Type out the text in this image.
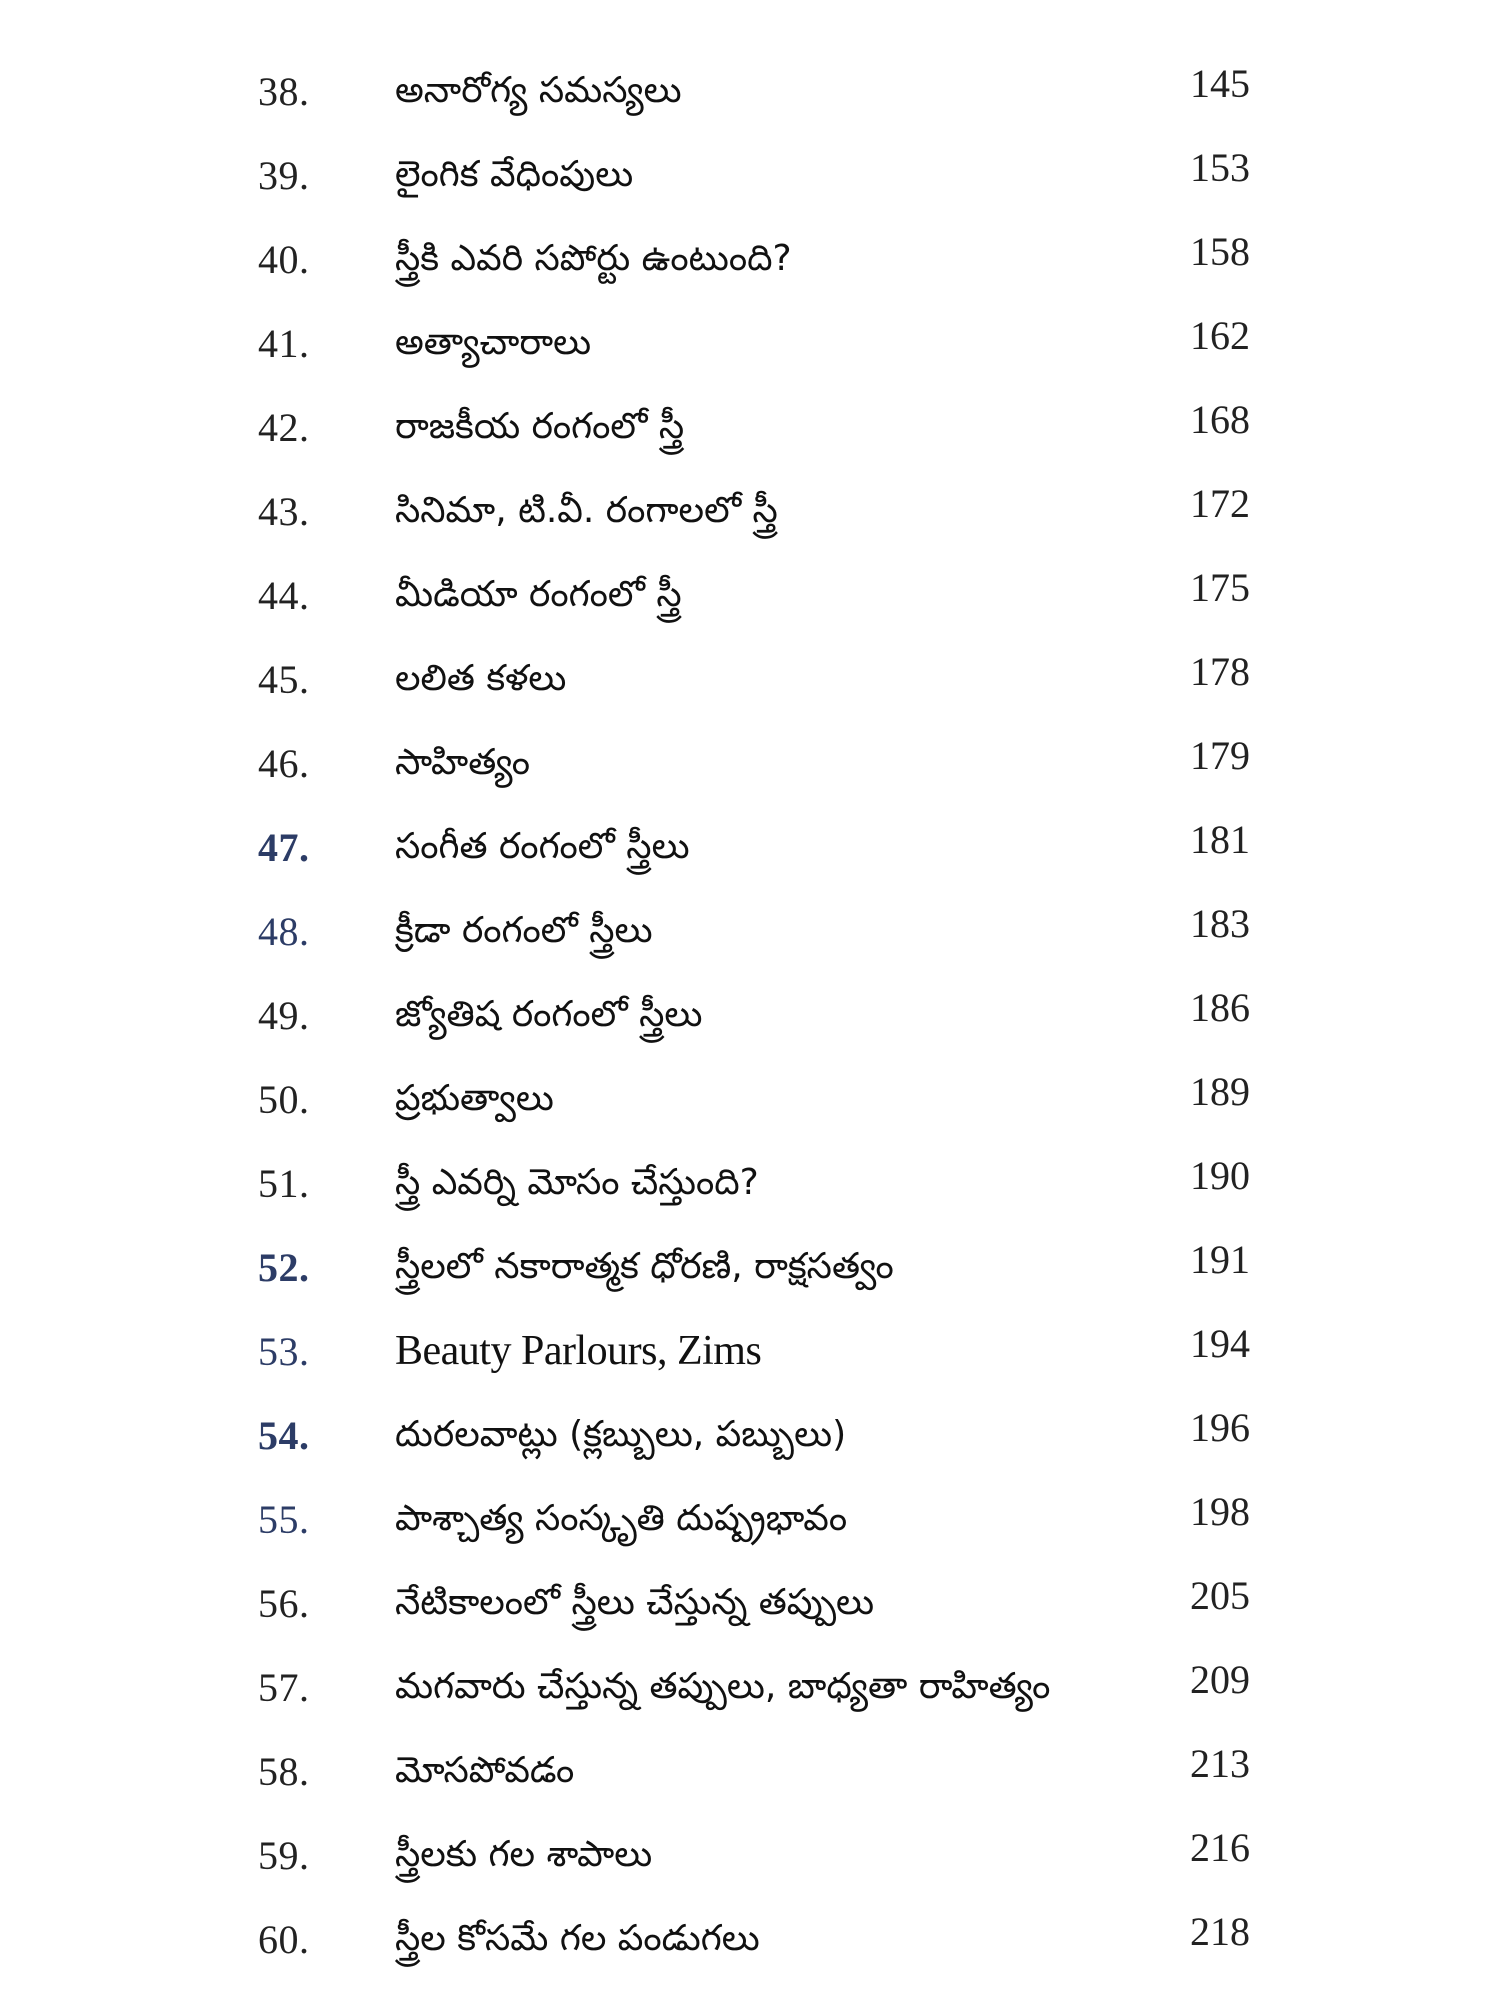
38. అనారోగ్య సమస్యలు	145
39. లైంగిక వేధింపులు	153
40. స్త్రీకి ఎవరి సపోర్టు ఉంటుంది?	158
41. అత్యాచారాలు	162
42. రాజకీయ రంగంలో స్త్రీ	168
43. సినిమా, టి.వీ. రంగాలలో స్త్రీ	172
44. మీడియా రంగంలో స్త్రీ	175
45. లలిత కళలు	178
46. సాహిత్యం	179
47. సంగీత రంగంలో స్త్రీలు	181
48. క్రీడా రంగంలో స్త్రీలు	183
49. జ్యోతిష రంగంలో స్త్రీలు	186
50. ప్రభుత్వాలు	189
51. స్త్రీ ఎవర్ని మోసం చేస్తుంది?	190
52. స్త్రీలలో నకారాత్మక ధోరణి, రాక్షసత్వం	191
53. Beauty Parlours, Zims	194
54. దురలవాట్లు (క్లబ్బులు, పబ్బులు)	196
55. పాశ్చాత్య సంస్కృతి దుష్ప్రభావం	198
56. నేటికాలంలో స్త్రీలు చేస్తున్న తప్పులు	205
57. మగవారు చేస్తున్న తప్పులు, బాధ్యతా రాహిత్యం	209
58. మోసపోవడం	213
59. స్త్రీలకు గల శాపాలు	216
60. స్త్రీల కోసమే గల పండుగలు	218
